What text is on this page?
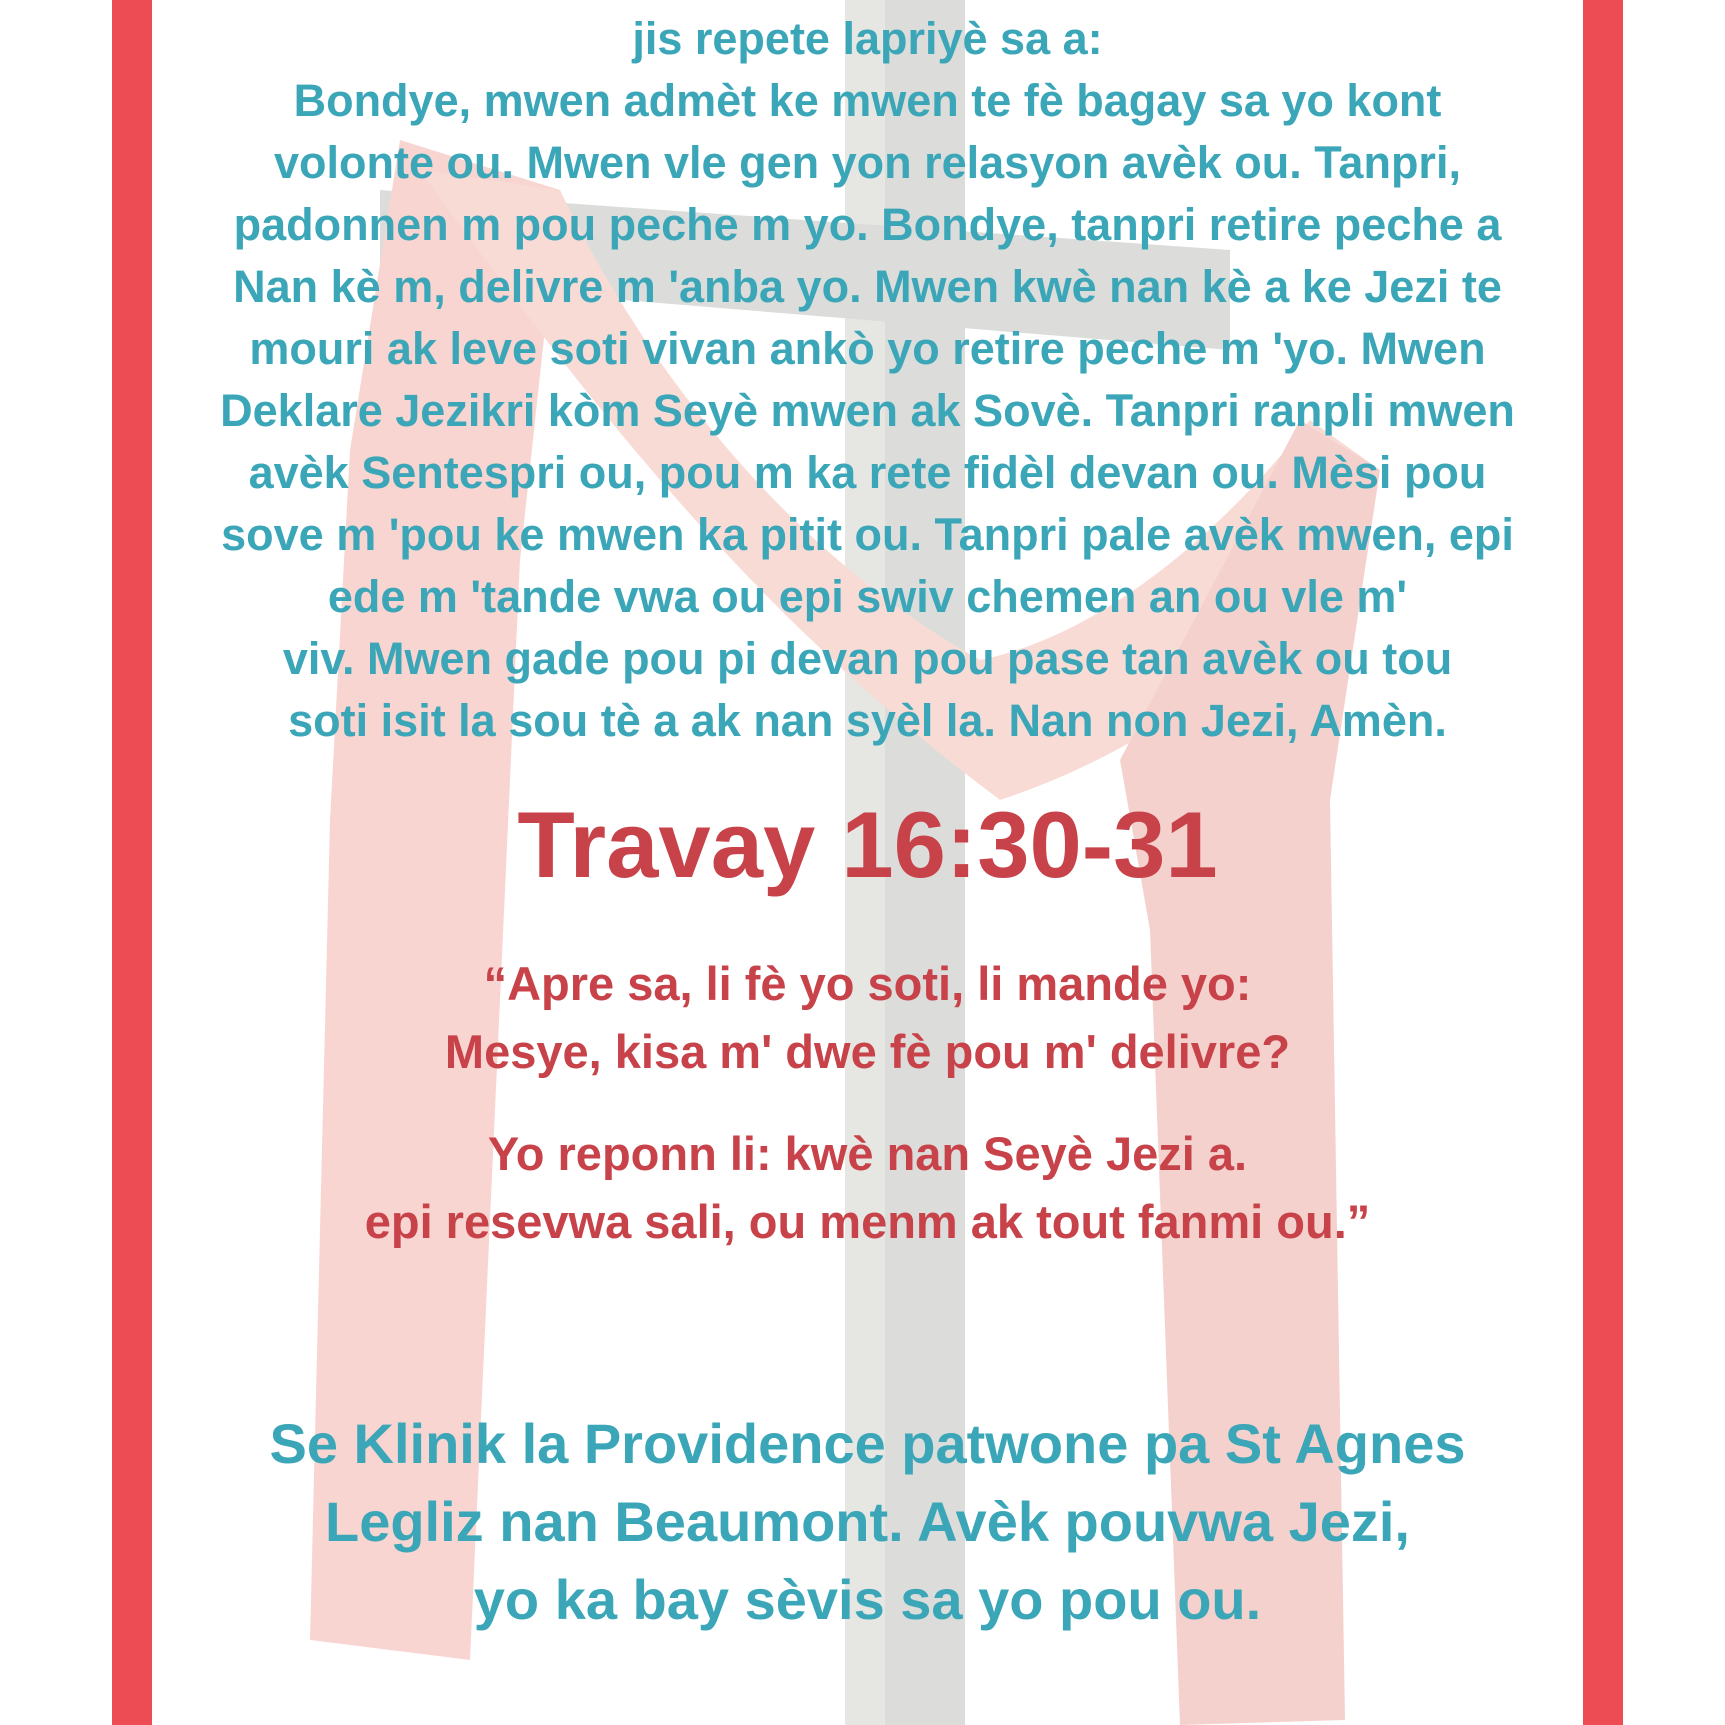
jis repete lapriyè sa a:
Bondye, mwen admèt ke mwen te fè bagay sa yo kont
volonte ou. Mwen vle gen yon relasyon avèk ou. Tanpri,
padonnen m pou peche m yo. Bondye, tanpri retire peche a
Nan kè m, delivre m 'anba yo. Mwen kwè nan kè a ke Jezi te
mouri ak leve soti vivan ankò yo retire peche m 'yo. Mwen
Deklare Jezikri kòm Seyè mwen ak Sovè. Tanpri ranpli mwen
avèk Sentespri ou, pou m ka rete fidèl devan ou. Mèsi pou
sove m 'pou ke mwen ka pitit ou. Tanpri pale avèk mwen, epi
ede m 'tande vwa ou epi swiv chemen an ou vle m'
viv. Mwen gade pou pi devan pou pase tan avèk ou tou
soti isit la sou tè a ak nan syèl la. Nan non Jezi, Amèn.

Travay 16:30-31
“Apre sa, li fè yo soti, li mande yo:
Mesye, kisa m' dwe fè pou m' delivre?
Yo reponn li: kwè nan Seyè Jezi a.
epi resevwa sali, ou menm ak tout fanmi ou.”
Se Klinik la Providence patwone pa St Agnes
Legliz nan Beaumont. Avèk pouvwa Jezi,
yo ka bay sèvis sa yo pou ou.
